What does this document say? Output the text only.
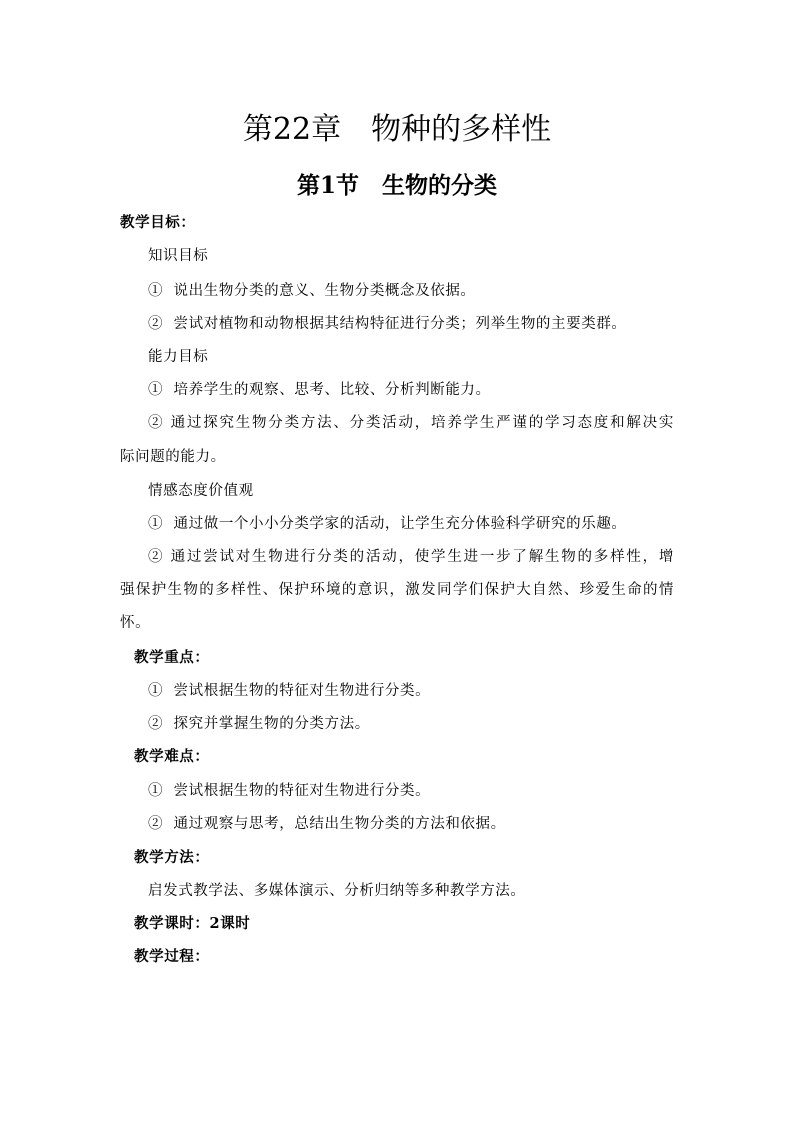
第22章　物种的多样性
第1节　生物的分类
教学目标：
知识目标
①  说出生物分类的意义、生物分类概念及依据。
②  尝试对植物和动物根据其结构特征进行分类；列举生物的主要类群。
能力目标
①  培养学生的观察、思考、比较、分析判断能力。
② 通过探究生物分类方法、分类活动，培养学生严谨的学习态度和解决实
际问题的能力。
情感态度价值观
①  通过做一个小小分类学家的活动，让学生充分体验科学研究的乐趣。
② 通过尝试对生物进行分类的活动，使学生进一步了解生物的多样性，增
强保护生物的多样性、保护环境的意识，激发同学们保护大自然、珍爱生命的情
怀。
教学重点：
①  尝试根据生物的特征对生物进行分类。
②  探究并掌握生物的分类方法。
教学难点：
①  尝试根据生物的特征对生物进行分类。
②  通过观察与思考，总结出生物分类的方法和依据。
教学方法：
启发式教学法、多媒体演示、分析归纳等多种教学方法。
教学课时：2课时
教学过程：
